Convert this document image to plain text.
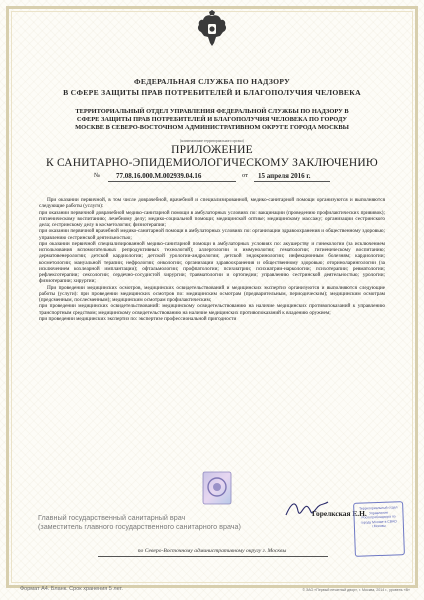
ФЕДЕРАЛЬНАЯ СЛУЖБА ПО НАДЗОРУ
В СФЕРЕ ЗАЩИТЫ ПРАВ ПОТРЕБИТЕЛЕЙ И БЛАГОПОЛУЧИЯ ЧЕЛОВЕКА
ТЕРРИТОРИАЛЬНЫЙ ОТДЕЛ УПРАВЛЕНИЯ ФЕДЕРАЛЬНОЙ СЛУЖБЫ ПО НАДЗОРУ В
СФЕРЕ ЗАЩИТЫ ПРАВ ПОТРЕБИТЕЛЕЙ И БЛАГОПОЛУЧИЯ ЧЕЛОВЕКА ПО ГОРОДУ
МОСКВЕ В СЕВЕРО-ВОСТОЧНОМ АДМИНИСТРАТИВНОМ ОКРУГЕ ГОРОДА МОСКВЫ
(наименование территориального органа)
ПРИЛОЖЕНИЕ
К САНИТАРНО-ЭПИДЕМИОЛОГИЧЕСКОМУ ЗАКЛЮЧЕНИЮ
№ 77.08.16.000.М.002939.04.16	от 15 апреля 2016 г.

При оказании первичной, в том числе доврачебной, врачебной и специализированной, медико-санитарной помощи организуются и выполняются следующие работы (услуги):

при оказании первичной доврачебной медико-санитарной помощи в амбулаторных условиях по: вакцинации (проведению профилактических прививок); гигиеническому воспитанию; лечебному делу; медико-социальной помощи; медицинской оптике; медицинскому массажу; организации сестринского дела; сестринскому делу в косметологии; физиотерапии;

при оказании первичной врачебной медико-санитарной помощи в амбулаторных условиях по: организации здравоохранения и общественному здоровью; управлению сестринской деятельностью;

при оказании первичной специализированной медико-санитарной помощи в амбулаторных условиях по: акушерству и гинекологии (за исключением использования вспомогательных репродуктивных технологий); аллергологии и иммунологии; гематологии; гигиеническому воспитанию; дерматовенерологии; детской кардиологии; детской урологии-андрологии; детской эндокринологии; инфекционным болезням; кардиологии; косметологии; мануальной терапии; нефрологии; онкологии; организации здравоохранения и общественному здоровью; оториноларингологии (за исключением кохлеарной имплантации); офтальмологии; профпатологии; психиатрии; психиатрии-наркологии; психотерапии; ревматологии; рефлексотерапии; сексологии; сердечно-сосудистой хирургии; травматологии и ортопедии; управлению сестринской деятельностью; урологии; физиотерапии; хирургии;

При проведении медицинских осмотров, медицинских освидетельствований и медицинских экспертиз организуются и выполняются следующие работы (услуги): при проведении медицинских осмотров по: медицинским осмотрам (предварительным, периодическим); медицинским осмотрам (предсменным, послесменным); медицинским осмотрам профилактическим;

при проведении медицинских освидетельствований: медицинскому освидетельствованию на наличие медицинских противопоказаний к управлению транспортным средством; медицинскому освидетельствованию на наличие медицинских противопоказаний к владению оружием;

при проведении медицинских экспертиз по: экспертизе профессиональной пригодности

Главный государственный санитарный врач
(заместитель главного государственного санитарного врача)
Горелкская Е.Н.
Территориальный отдел Управления Роспотребнадзора по городу Москве в СВАО г.Москвы
по Северо-Восточному административному округу г. Москвы
Формат А4. Бланк. Срок хранения 5 лет.	© ЗАО «Первый печатный двор», г. Москва, 2014 г., уровень «В»
